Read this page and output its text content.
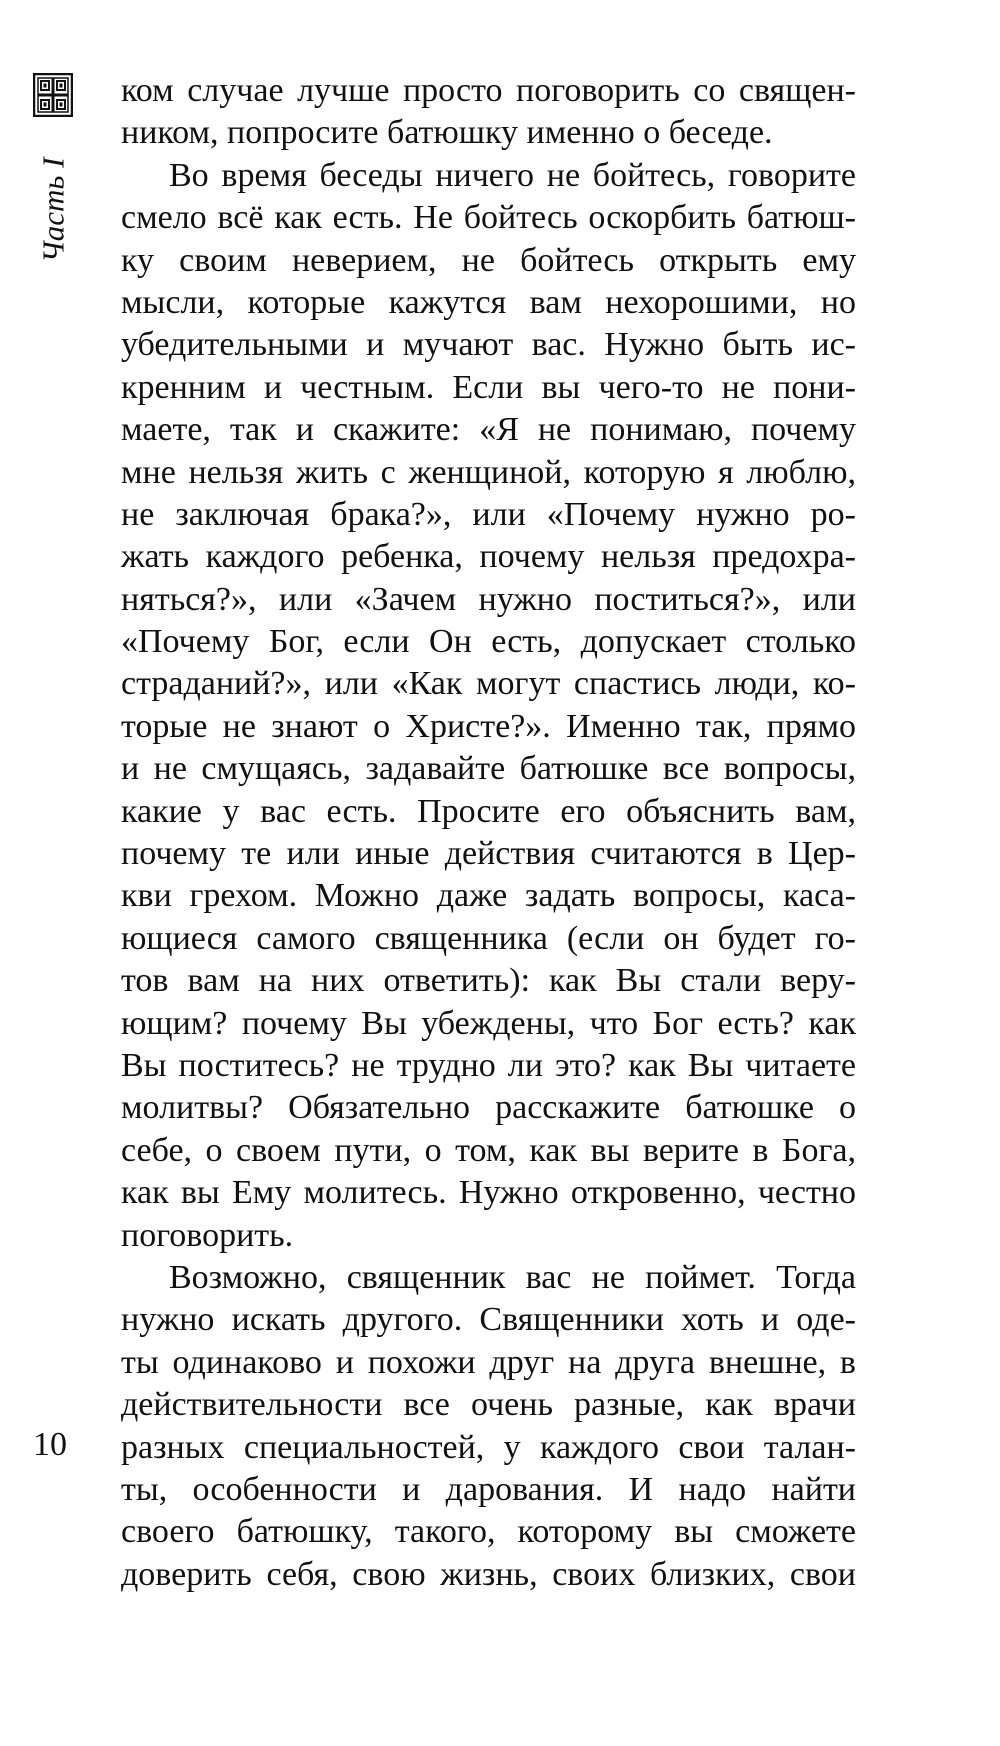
Часть I
ком случае лучше просто поговорить со священ-
ником, попросите батюшку именно о беседе.
Во время беседы ничего не бойтесь, говорите
смело всё как есть. Не бойтесь оскорбить батюш-
ку своим неверием, не бойтесь открыть ему
мысли, которые кажутся вам нехорошими, но
убедительными и мучают вас. Нужно быть ис-
кренним и честным. Если вы чего-то не пони-
маете, так и скажите: «Я не понимаю, почему
мне нельзя жить с женщиной, которую я люблю,
не заключая брака?», или «Почему нужно ро-
жать каждого ребенка, почему нельзя предохра-
няться?», или «Зачем нужно поститься?», или
«Почему Бог, если Он есть, допускает столько
страданий?», или «Как могут спастись люди, ко-
торые не знают о Христе?». Именно так, прямо
и не смущаясь, задавайте батюшке все вопросы,
какие у вас есть. Просите его объяснить вам,
почему те или иные действия считаются в Цер-
кви грехом. Можно даже задать вопросы, каса-
ющиеся самого священника (если он будет го-
тов вам на них ответить): как Вы стали веру-
ющим? почему Вы убеждены, что Бог есть? как
Вы поститесь? не трудно ли это? как Вы читаете
молитвы? Обязательно расскажите батюшке о
себе, о своем пути, о том, как вы верите в Бога,
как вы Ему молитесь. Нужно откровенно, честно
поговорить.
Возможно, священник вас не поймет. Тогда
нужно искать другого. Священники хоть и оде-
ты одинаково и похожи друг на друга внешне, в
действительности все очень разные, как врачи
разных специальностей, у каждого свои талан-
ты, особенности и дарования. И надо найти
своего батюшку, такого, которому вы сможете
доверить себя, свою жизнь, своих близких, свои
10
